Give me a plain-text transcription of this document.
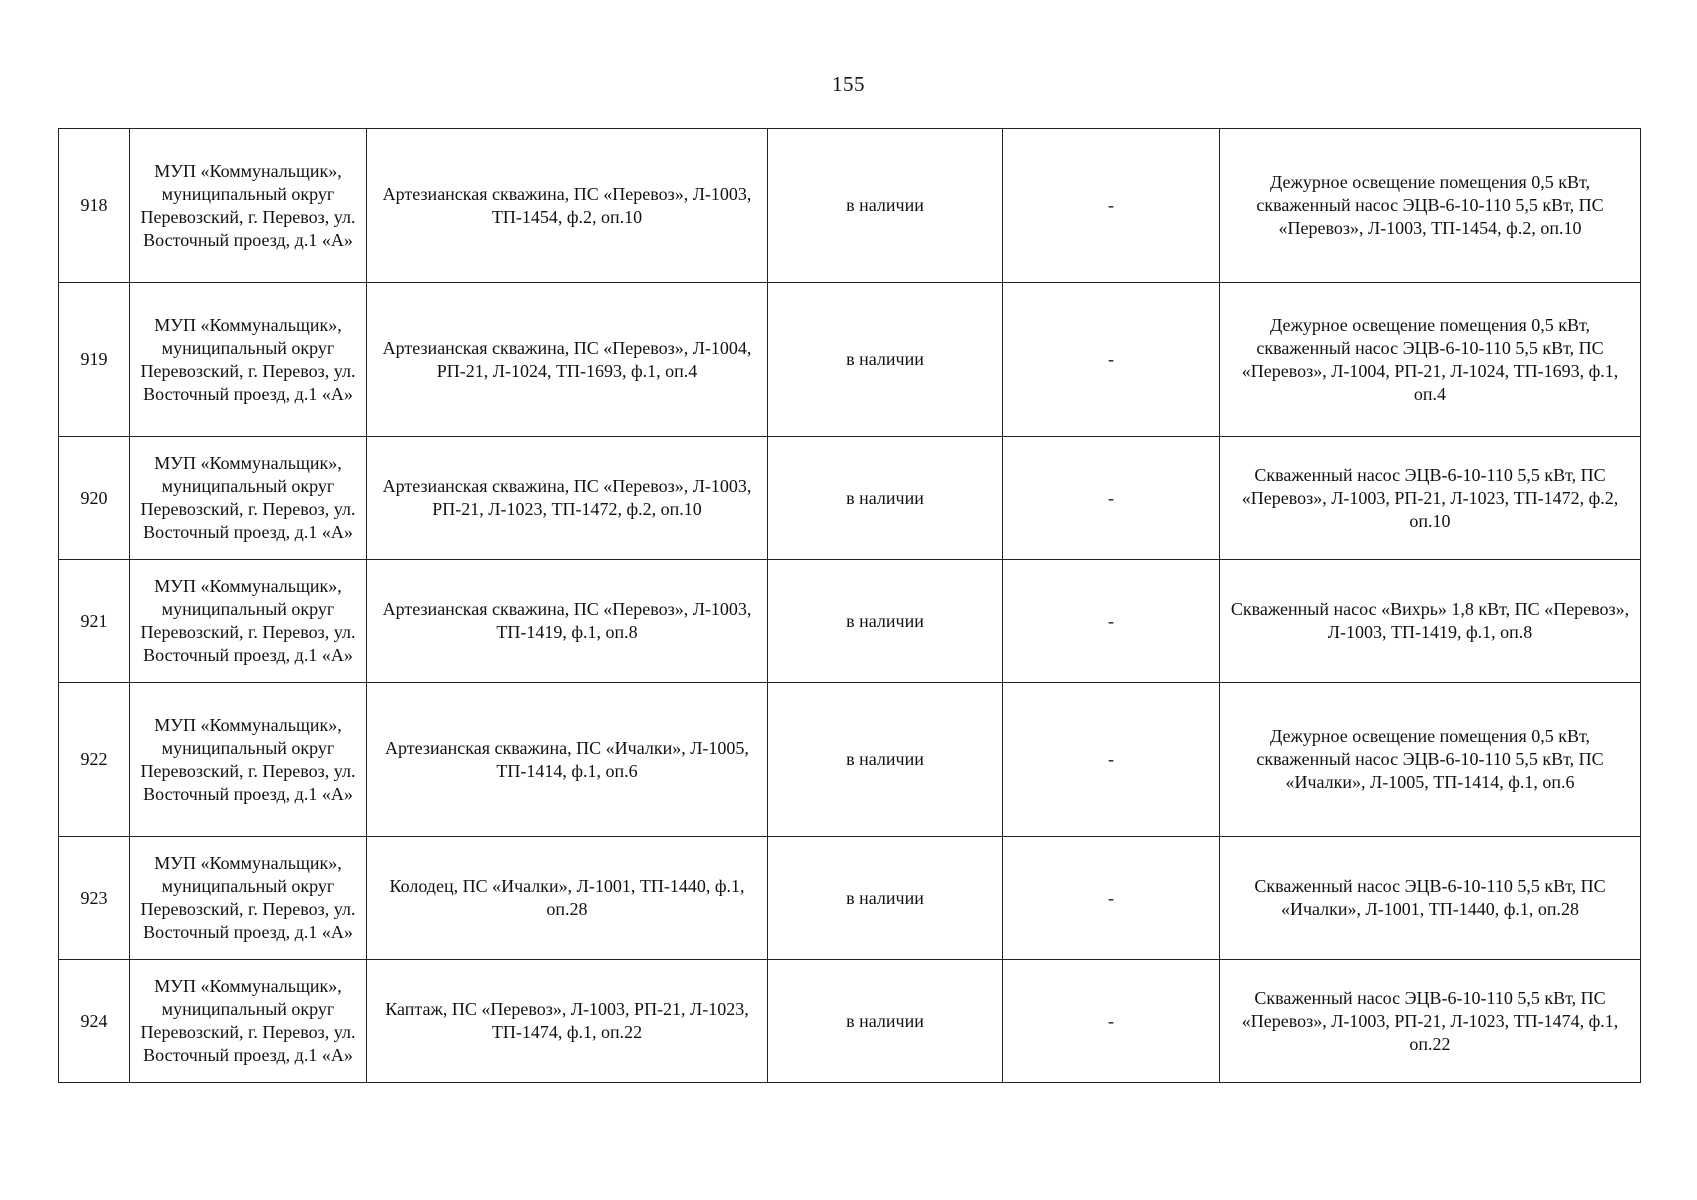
155
918	МУП «Коммунальщик», муниципальный округ Перевозский, г. Перевоз, ул. Восточный проезд, д.1 «А»	Артезианская скважина, ПС «Перевоз», Л-1003, ТП-1454, ф.2, оп.10	в наличии	-	Дежурное освещение помещения 0,5 кВт, скваженный насос ЭЦВ-6-10-110 5,5 кВт, ПС «Перевоз», Л-1003, ТП-1454, ф.2, оп.10
919	МУП «Коммунальщик», муниципальный округ Перевозский, г. Перевоз, ул. Восточный проезд, д.1 «А»	Артезианская скважина, ПС «Перевоз», Л-1004, РП-21, Л-1024, ТП-1693, ф.1, оп.4	в наличии	-	Дежурное освещение помещения 0,5 кВт, скваженный насос ЭЦВ-6-10-110 5,5 кВт, ПС «Перевоз», Л-1004, РП-21, Л-1024, ТП-1693, ф.1, оп.4
920	МУП «Коммунальщик», муниципальный округ Перевозский, г. Перевоз, ул. Восточный проезд, д.1 «А»	Артезианская скважина, ПС «Перевоз», Л-1003, РП-21, Л-1023, ТП-1472, ф.2, оп.10	в наличии	-	Скваженный насос ЭЦВ-6-10-110 5,5 кВт, ПС «Перевоз», Л-1003, РП-21, Л-1023, ТП-1472, ф.2, оп.10
921	МУП «Коммунальщик», муниципальный округ Перевозский, г. Перевоз, ул. Восточный проезд, д.1 «А»	Артезианская скважина, ПС «Перевоз», Л-1003, ТП-1419, ф.1, оп.8	в наличии	-	Скваженный насос «Вихрь» 1,8 кВт, ПС «Перевоз», Л-1003, ТП-1419, ф.1, оп.8
922	МУП «Коммунальщик», муниципальный округ Перевозский, г. Перевоз, ул. Восточный проезд, д.1 «А»	Артезианская скважина, ПС «Ичалки», Л-1005, ТП-1414, ф.1, оп.6	в наличии	-	Дежурное освещение помещения 0,5 кВт, скваженный насос ЭЦВ-6-10-110 5,5 кВт, ПС «Ичалки», Л-1005, ТП-1414, ф.1, оп.6
923	МУП «Коммунальщик», муниципальный округ Перевозский, г. Перевоз, ул. Восточный проезд, д.1 «А»	Колодец, ПС «Ичалки», Л-1001, ТП-1440, ф.1, оп.28	в наличии	-	Скваженный насос ЭЦВ-6-10-110 5,5 кВт, ПС «Ичалки», Л-1001, ТП-1440, ф.1, оп.28
924	МУП «Коммунальщик», муниципальный округ Перевозский, г. Перевоз, ул. Восточный проезд, д.1 «А»	Каптаж, ПС «Перевоз», Л-1003, РП-21, Л-1023, ТП-1474, ф.1, оп.22	в наличии	-	Скваженный насос ЭЦВ-6-10-110 5,5 кВт, ПС «Перевоз», Л-1003, РП-21, Л-1023, ТП-1474, ф.1, оп.22
